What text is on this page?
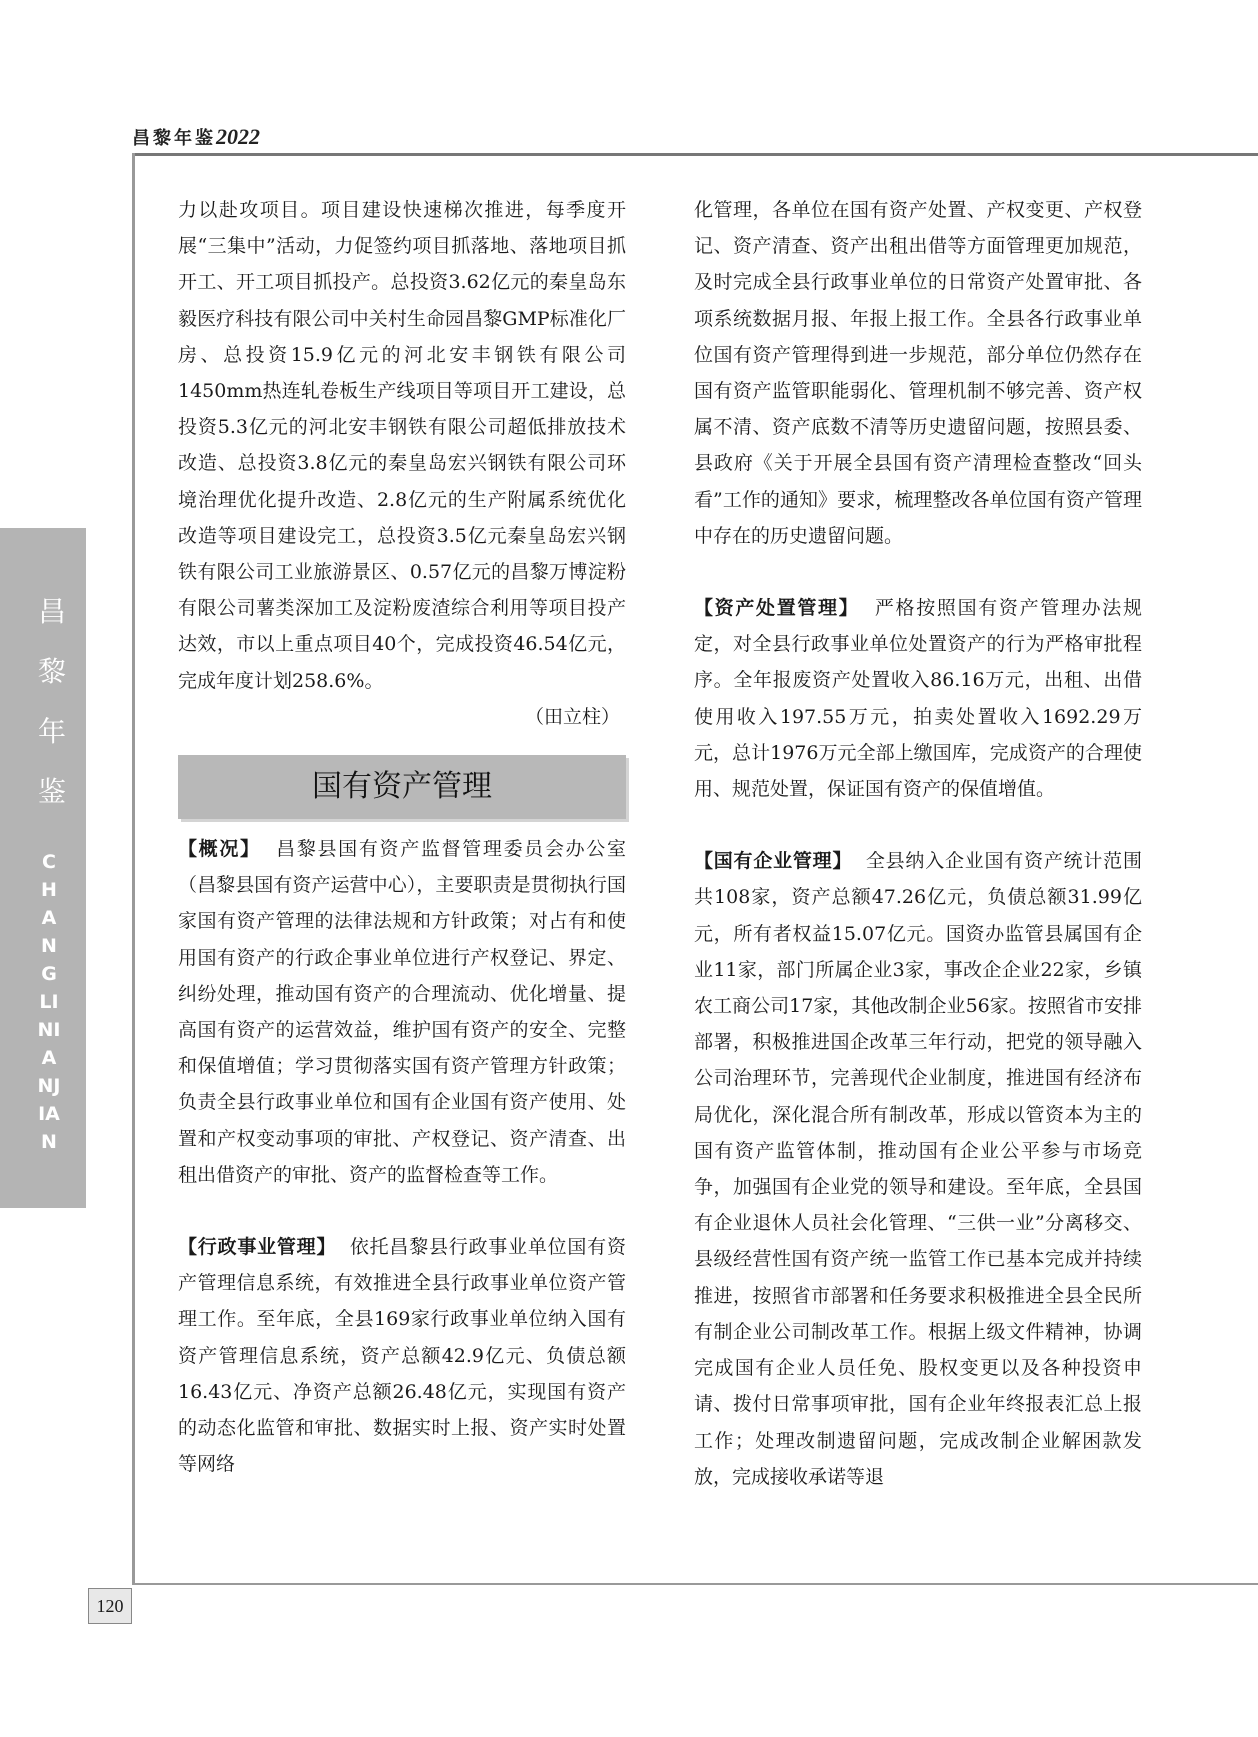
昌黎年鉴2022
昌黎年鉴
CHANGLINIANJIAN
120

力以赴攻项目。项目建设快速梯次推进，每季度开展“三集中”活动，力促签约项目抓落地、落地项目抓开工、开工项目抓投产。总投资3.62亿元的秦皇岛东毅医疗科技有限公司中关村生命园昌黎GMP标准化厂房、总投资15.9亿元的河北安丰钢铁有限公司1450mm热连轧卷板生产线项目等项目开工建设，总投资5.3亿元的河北安丰钢铁有限公司超低排放技术改造、总投资3.8亿元的秦皇岛宏兴钢铁有限公司环境治理优化提升改造、2.8亿元的生产附属系统优化改造等项目建设完工，总投资3.5亿元秦皇岛宏兴钢铁有限公司工业旅游景区、0.57亿元的昌黎万博淀粉有限公司薯类深加工及淀粉废渣综合利用等项目投产达效，市以上重点项目40个，完成投资46.54亿元，完成年度计划258.6%。

（田立柱）

国有资产管理

【概况】 昌黎县国有资产监督管理委员会办公室（昌黎县国有资产运营中心），主要职责是贯彻执行国家国有资产管理的法律法规和方针政策；对占有和使用国有资产的行政企事业单位进行产权登记、界定、纠纷处理，推动国有资产的合理流动、优化增量、提高国有资产的运营效益，维护国有资产的安全、完整和保值增值；学习贯彻落实国有资产管理方针政策；负责全县行政事业单位和国有企业国有资产使用、处置和产权变动事项的审批、产权登记、资产清查、出租出借资产的审批、资产的监督检查等工作。

【行政事业管理】 依托昌黎县行政事业单位国有资产管理信息系统，有效推进全县行政事业单位资产管理工作。至年底，全县169家行政事业单位纳入国有资产管理信息系统，资产总额42.9亿元、负债总额16.43亿元、净资产总额26.48亿元，实现国有资产的动态化监管和审批、数据实时上报、资产实时处置等网络

化管理，各单位在国有资产处置、产权变更、产权登记、资产清查、资产出租出借等方面管理更加规范，及时完成全县行政事业单位的日常资产处置审批、各项系统数据月报、年报上报工作。全县各行政事业单位国有资产管理得到进一步规范，部分单位仍然存在国有资产监管职能弱化、管理机制不够完善、资产权属不清、资产底数不清等历史遗留问题，按照县委、县政府《关于开展全县国有资产清理检查整改“回头看”工作的通知》要求，梳理整改各单位国有资产管理中存在的历史遗留问题。

【资产处置管理】 严格按照国有资产管理办法规定，对全县行政事业单位处置资产的行为严格审批程序。全年报废资产处置收入86.16万元，出租、出借使用收入197.55万元，拍卖处置收入1692.29万元，总计1976万元全部上缴国库，完成资产的合理使用、规范处置，保证国有资产的保值增值。

【国有企业管理】 全县纳入企业国有资产统计范围共108家，资产总额47.26亿元，负债总额31.99亿元，所有者权益15.07亿元。国资办监管县属国有企业11家，部门所属企业3家，事改企企业22家，乡镇农工商公司17家，其他改制企业56家。按照省市安排部署，积极推进国企改革三年行动，把党的领导融入公司治理环节，完善现代企业制度，推进国有经济布局优化，深化混合所有制改革，形成以管资本为主的国有资产监管体制，推动国有企业公平参与市场竞争，加强国有企业党的领导和建设。至年底，全县国有企业退休人员社会化管理、“三供一业”分离移交、县级经营性国有资产统一监管工作已基本完成并持续推进，按照省市部署和任务要求积极推进全县全民所有制企业公司制改革工作。根据上级文件精神，协调完成国有企业人员任免、股权变更以及各种投资申请、拨付日常事项审批，国有企业年终报表汇总上报工作；处理改制遗留问题，完成改制企业解困款发放，完成接收承诺等退
